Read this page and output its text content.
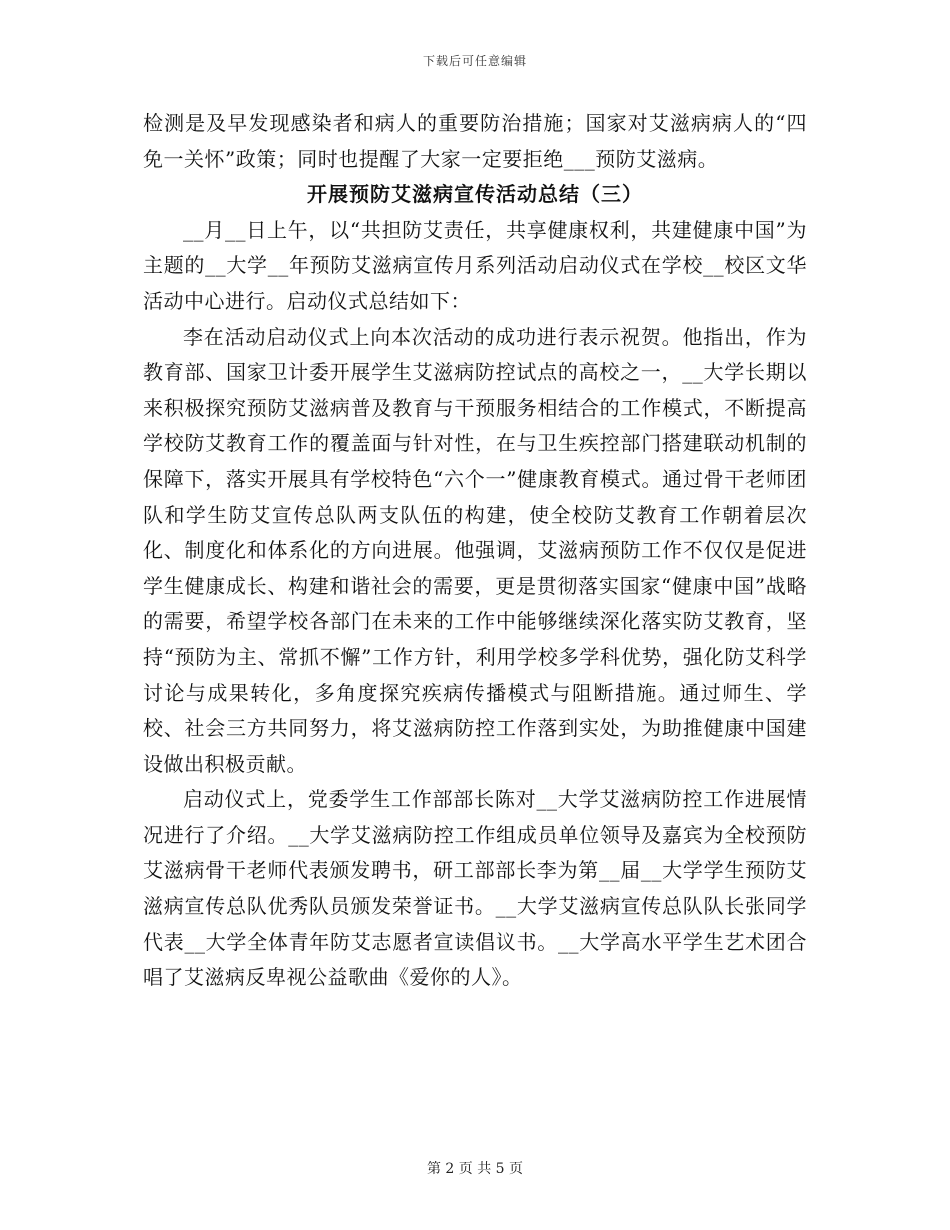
下载后可任意编辑

检测是及早发现感染者和病人的重要防治措施；国家对艾滋病病人的“四免一关怀”政策；同时也提醒了大家一定要拒绝___预防艾滋病。

开展预防艾滋病宣传活动总结（三）

__月__日上午，以“共担防艾责任，共享健康权利，共建健康中国”为主题的__大学__年预防艾滋病宣传月系列活动启动仪式在学校__校区文华活动中心进行。启动仪式总结如下：

李在活动启动仪式上向本次活动的成功进行表示祝贺。他指出，作为教育部、国家卫计委开展学生艾滋病防控试点的高校之一，__大学长期以来积极探究预防艾滋病普及教育与干预服务相结合的工作模式，不断提高学校防艾教育工作的覆盖面与针对性，在与卫生疾控部门搭建联动机制的保障下，落实开展具有学校特色“六个一”健康教育模式。通过骨干老师团队和学生防艾宣传总队两支队伍的构建，使全校防艾教育工作朝着层次化、制度化和体系化的方向进展。他强调，艾滋病预防工作不仅仅是促进学生健康成长、构建和谐社会的需要，更是贯彻落实国家“健康中国”战略的需要，希望学校各部门在未来的工作中能够继续深化落实防艾教育，坚持“预防为主、常抓不懈”工作方针，利用学校多学科优势，强化防艾科学讨论与成果转化，多角度探究疾病传播模式与阻断措施。通过师生、学校、社会三方共同努力，将艾滋病防控工作落到实处，为助推健康中国建设做出积极贡献。

启动仪式上，党委学生工作部部长陈对__大学艾滋病防控工作进展情况进行了介绍。__大学艾滋病防控工作组成员单位领导及嘉宾为全校预防艾滋病骨干老师代表颁发聘书，研工部部长李为第__届__大学学生预防艾滋病宣传总队优秀队员颁发荣誉证书。__大学艾滋病宣传总队队长张同学代表__大学全体青年防艾志愿者宣读倡议书。__大学高水平学生艺术团合唱了艾滋病反卑视公益歌曲《爱你的人》。

第 2 页 共 5 页
